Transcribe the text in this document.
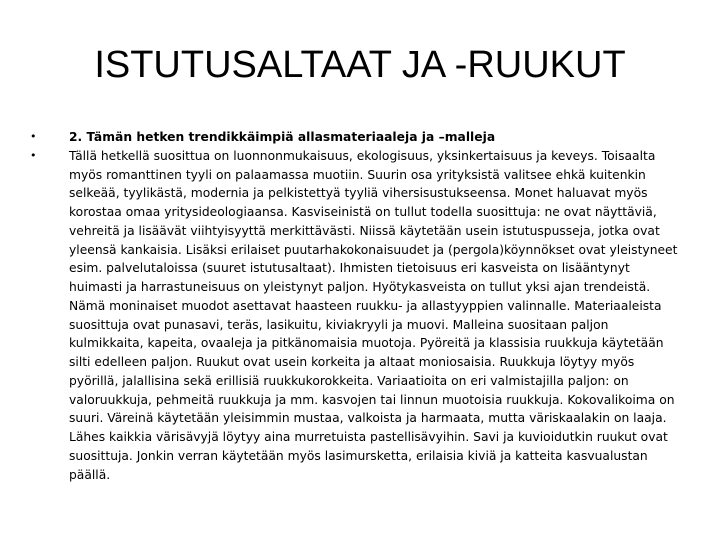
ISTUTUSALTAAT JA -RUUKUT
•	2. Tämän hetken trendikkäimpiä allasmateriaaleja ja –malleja
•	Tällä hetkellä suosittua on luonnonmukaisuus, ekologisuus, yksinkertaisuus ja keveys. Toisaalta myös romanttinen tyyli on palaamassa muotiin. Suurin osa yrityksistä valitsee ehkä kuitenkin selkeää, tyylikästä, modernia ja pelkistettyä tyyliä vihersisustukseensa. Monet haluavat myös korostaa omaa yritysideologiaansa. Kasviseinistä on tullut todella suosittuja: ne ovat näyttäviä, vehreitä ja lisäävät viihtyisyyttä merkittävästi. Niissä käytetään usein istutuspusseja, jotka ovat yleensä kankaisia. Lisäksi erilaiset puutarhakokonaisuudet ja (pergola)köynnökset ovat yleistyneet esim. palvelutaloissa (suuret istutusaltaat). Ihmisten tietoisuus eri kasveista on lisääntynyt huimasti ja harrastuneisuus on yleistynyt paljon. Hyötykasveista on tullut yksi ajan trendeistä. Nämä moninaiset muodot asettavat haasteen ruukku- ja allastyyppien valinnalle. Materiaaleista suosittuja ovat punasavi, teräs, lasikuitu, kiviakryyli ja muovi. Malleina suositaan paljon kulmikkaita, kapeita, ovaaleja ja pitkänomaisia muotoja. Pyöreitä ja klassisia ruukkuja käytetään silti edelleen paljon. Ruukut ovat usein korkeita ja altaat moniosaisia. Ruukkuja löytyy myös pyörillä, jalallisina sekä erillisiä ruukkukorokkeita. Variaatioita on eri valmistajilla paljon: on valoruukkuja, pehmeitä ruukkuja ja mm. kasvojen tai linnun muotoisia ruukkuja. Kokovalikoima on suuri. Väreinä käytetään yleisimmin mustaa, valkoista ja harmaata, mutta väriskaalakin on laaja. Lähes kaikkia värisävyjä löytyy aina murretuista pastellisävyihin. Savi ja kuvioidutkin ruukut ovat suosittuja. Jonkin verran käytetään myös lasimursketta, erilaisia kiviä ja katteita kasvualustan päällä.
